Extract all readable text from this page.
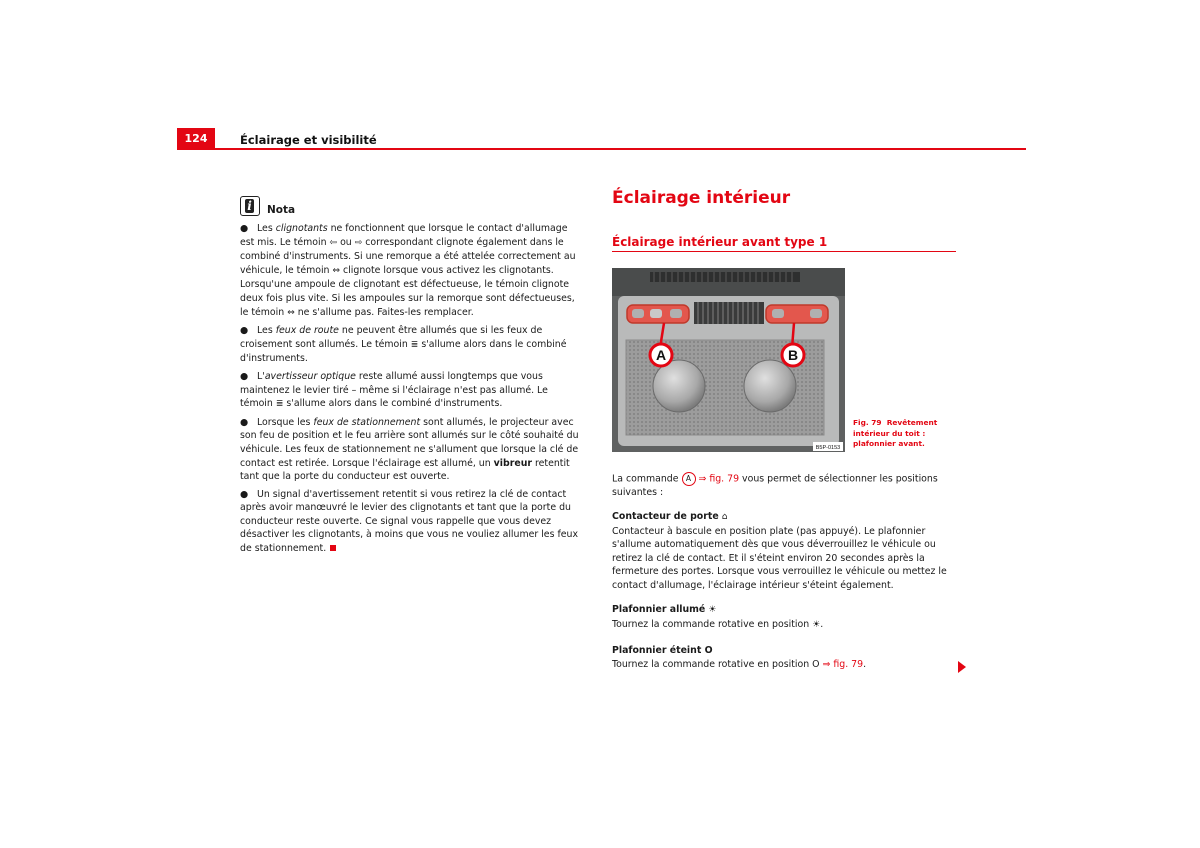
124	Éclairage et visibilité
i Nota

● Les clignotants ne fonctionnent que lorsque le contact d'allumage est mis. Le témoin ⇦ ou ⇨ correspondant clignote également dans le combiné d'instruments. Si une remorque a été attelée correctement au véhicule, le témoin ⇔ clignote lorsque vous activez les clignotants. Lorsqu'une ampoule de clignotant est défectueuse, le témoin clignote deux fois plus vite. Si les ampoules sur la remorque sont défectueuses, le témoin ⇔ ne s'allume pas. Faites-les remplacer.

● Les feux de route ne peuvent être allumés que si les feux de croisement sont allumés. Le témoin ≣ s'allume alors dans le combiné d'instruments.

● L'avertisseur optique reste allumé aussi longtemps que vous maintenez le levier tiré – même si l'éclairage n'est pas allumé. Le témoin ≣ s'allume alors dans le combiné d'instruments.

● Lorsque les feux de stationnement sont allumés, le projecteur avec son feu de position et le feu arrière sont allumés sur le côté souhaité du véhicule. Les feux de stationnement ne s'allument que lorsque la clé de contact est retirée. Lorsque l'éclairage est allumé, un vibreur retentit tant que la porte du conducteur est ouverte.

● Un signal d'avertissement retentit si vous retirez la clé de contact après avoir manœuvré le levier des clignotants et tant que la porte du conducteur reste ouverte. Ce signal vous rappelle que vous devez désactiver les clignotants, à moins que vous ne vouliez allumer les feux de stationnement.

Éclairage intérieur
Éclairage intérieur avant type 1
A	B
B5P-0153
Fig. 79 Revêtement intérieur du toit : plafonnier avant.
La commande A ⇒ fig. 79 vous permet de sélectionner les positions suivantes :
Contacteur de porte ⌂
Contacteur à bascule en position plate (pas appuyé). Le plafonnier s'allume automatiquement dès que vous déverrouillez le véhicule ou retirez la clé de contact. Et il s'éteint environ 20 secondes après la fermeture des portes. Lorsque vous verrouillez le véhicule ou mettez le contact d'allumage, l'éclairage intérieur s'éteint également.
Plafonnier allumé ☀
Tournez la commande rotative en position ☀.
Plafonnier éteint O
Tournez la commande rotative en position O ⇒ fig. 79.
